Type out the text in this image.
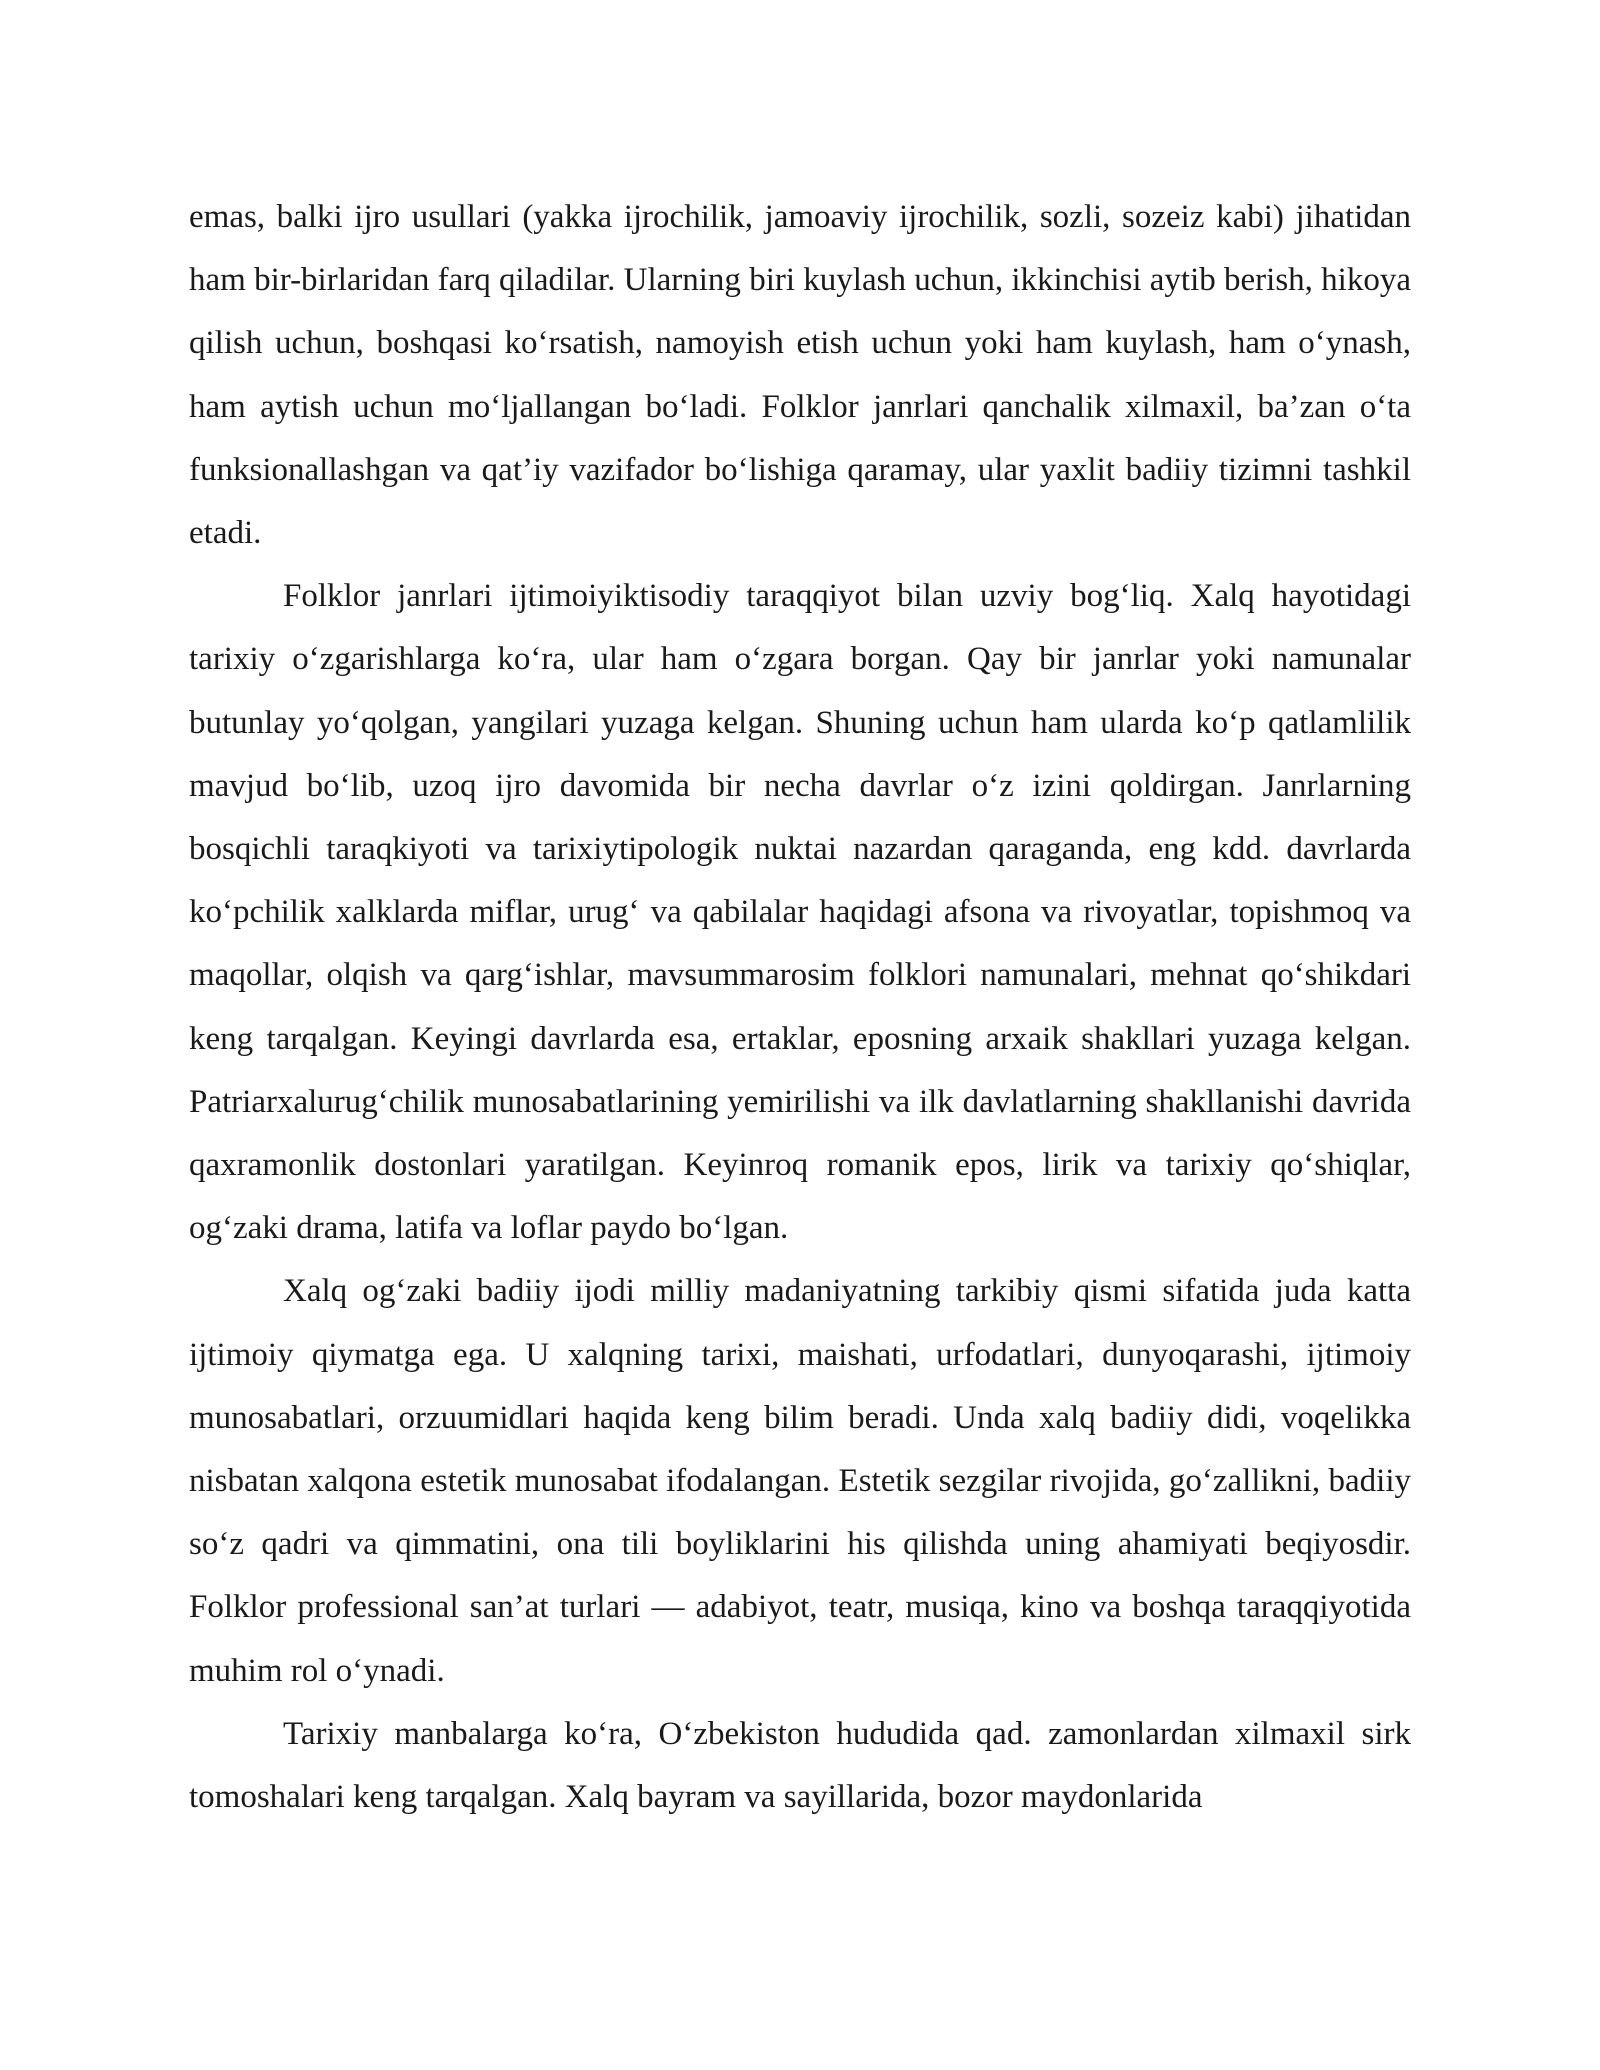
emas, balki ijro usullari (yakka ijrochilik, jamoaviy ijrochilik, sozli, sozeiz kabi) jihatidan ham bir-birlaridan farq qiladilar. Ularning biri kuylash uchun, ikkinchisi aytib berish, hikoya qilish uchun, boshqasi ko‘rsatish, namoyish etish uchun yoki ham kuylash, ham o‘ynash, ham aytish uchun mo‘ljallangan bo‘ladi. Folklor janrlari qanchalik xilmaxil, ba’zan o‘ta funksionallashgan va qat’iy vazifador bo‘lishiga qaramay, ular yaxlit badiiy tizimni tashkil etadi.

Folklor janrlari ijtimoiyiktisodiy taraqqiyot bilan uzviy bog‘liq. Xalq hayotidagi tarixiy o‘zgarishlarga ko‘ra, ular ham o‘zgara borgan. Qay bir janrlar yoki namunalar butunlay yo‘qolgan, yangilari yuzaga kelgan. Shuning uchun ham ularda ko‘p qatlamlilik mavjud bo‘lib, uzoq ijro davomida bir necha davrlar o‘z izini qoldirgan. Janrlarning bosqichli taraqkiyoti va tarixiytipologik nuktai nazardan qaraganda, eng kdd. davrlarda ko‘pchilik xalklarda miflar, urug‘ va qabilalar haqidagi afsona va rivoyatlar, topishmoq va maqollar, olqish va qarg‘ishlar, mavsummarosim folklori namunalari, mehnat qo‘shikdari keng tarqalgan. Keyingi davrlarda esa, ertaklar, eposning arxaik shakllari yuzaga kelgan. Patriarxalurug‘chilik munosabatlarining yemirilishi va ilk davlatlarning shakllanishi davrida qaxramonlik dostonlari yaratilgan. Keyinroq romanik epos, lirik va tarixiy qo‘shiqlar, og‘zaki drama, latifa va loflar paydo bo‘lgan.

Xalq og‘zaki badiiy ijodi milliy madaniyatning tarkibiy qismi sifatida juda katta ijtimoiy qiymatga ega. U xalqning tarixi, maishati, urfodatlari, dunyoqarashi, ijtimoiy munosabatlari, orzuumidlari haqida keng bilim beradi. Unda xalq badiiy didi, voqelikka nisbatan xalqona estetik munosabat ifodalangan. Estetik sezgilar rivojida, go‘zallikni, badiiy so‘z qadri va qimmatini, ona tili boyliklarini his qilishda uning ahamiyati beqiyosdir. Folklor professional san’at turlari — adabiyot, teatr, musiqa, kino va boshqa taraqqiyotida muhim rol o‘ynadi.

Tarixiy manbalarga ko‘ra, O‘zbekiston hududida qad. zamonlardan xilmaxil sirk tomoshalari keng tarqalgan. Xalq bayram va sayillarida, bozor maydonlarida
